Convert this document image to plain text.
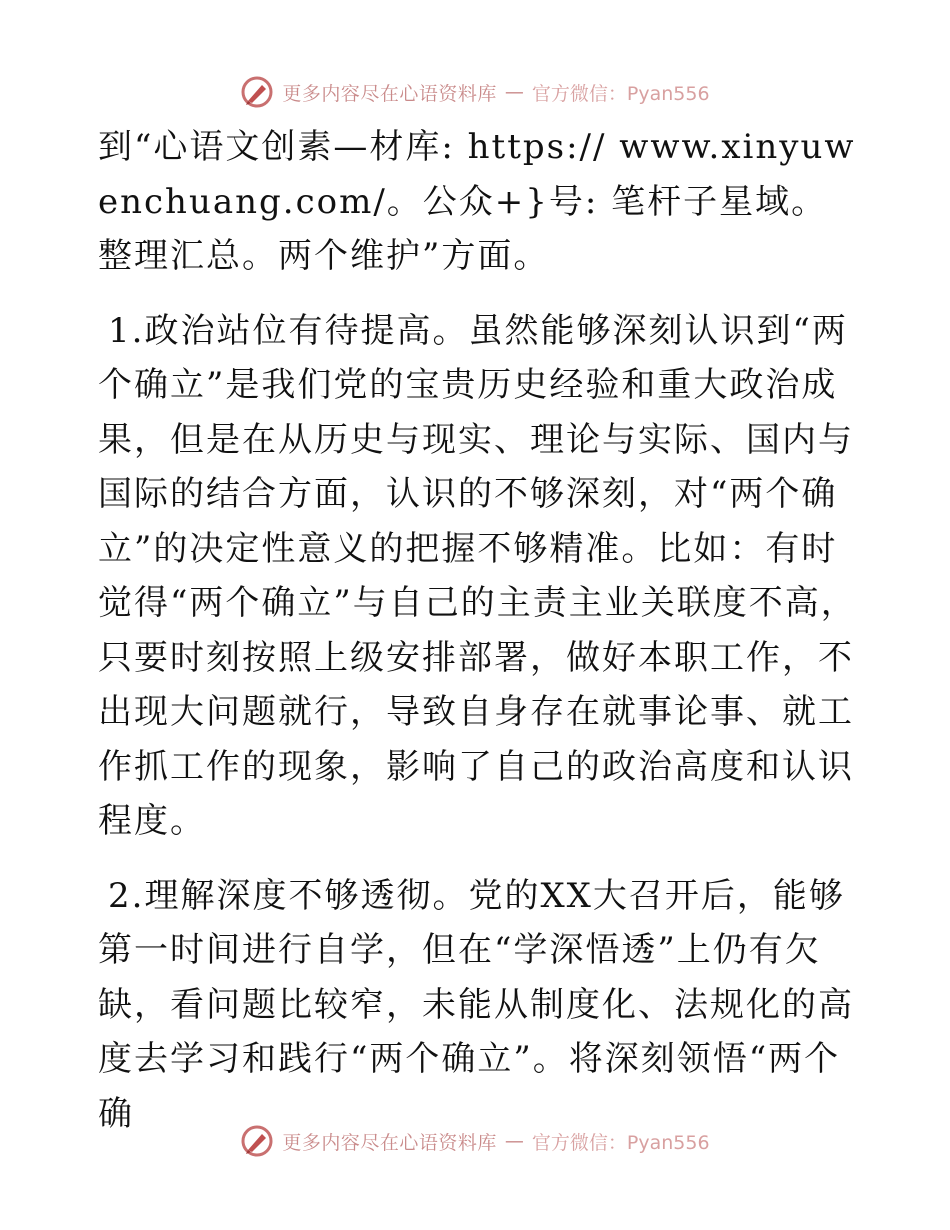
更多内容尽在心语资料库 — 官方微信：Pyan556

到“心语文创素—材库: https:// www.xinyuwenchuang.com/。公众+}号: 笔杆子星域。整理汇总。两个维护”方面。

1.政治站位有待提高。虽然能够深刻认识到“两个确立”是我们党的宝贵历史经验和重大政治成果，但是在从历史与现实、理论与实际、国内与国际的结合方面，认识的不够深刻，对“两个确立”的决定性意义的把握不够精准。比如：有时觉得“两个确立”与自己的主责主业关联度不高，只要时刻按照上级安排部署，做好本职工作，不出现大问题就行，导致自身存在就事论事、就工作抓工作的现象，影响了自己的政治高度和认识程度。

2.理解深度不够透彻。党的XX大召开后，能够第一时间进行自学，但在“学深悟透”上仍有欠缺，看问题比较窄，未能从制度化、法规化的高度去学习和践行“两个确立”。将深刻领悟“两个确

更多内容尽在心语资料库 — 官方微信：Pyan556
